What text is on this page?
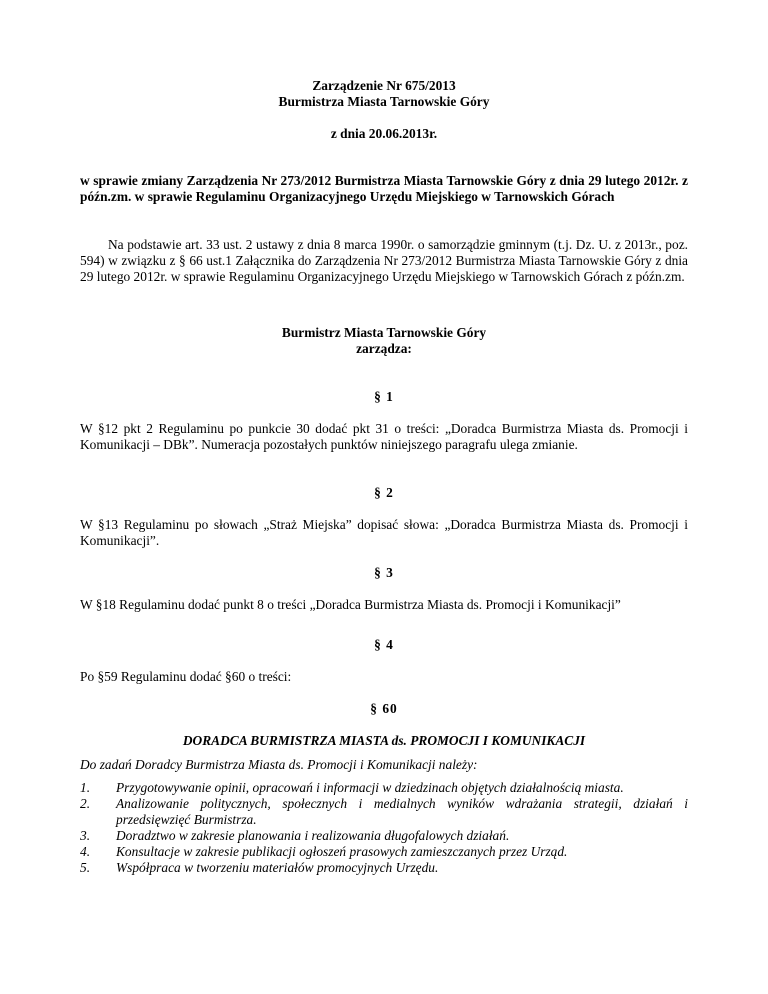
Zarządzenie Nr 675/2013
Burmistrza Miasta Tarnowskie Góry
z dnia 20.06.2013r.
w sprawie zmiany Zarządzenia Nr 273/2012 Burmistrza Miasta Tarnowskie Góry z dnia 29 lutego 2012r. z późn.zm. w sprawie Regulaminu Organizacyjnego Urzędu Miejskiego w Tarnowskich Górach
Na podstawie art. 33 ust. 2 ustawy z dnia 8 marca 1990r. o samorządzie gminnym (t.j. Dz. U. z 2013r., poz. 594) w związku z § 66 ust.1 Załącznika do Zarządzenia Nr 273/2012 Burmistrza Miasta Tarnowskie Góry z dnia 29 lutego 2012r. w sprawie Regulaminu Organizacyjnego Urzędu Miejskiego w Tarnowskich Górach z późn.zm.
Burmistrz Miasta Tarnowskie Góry
zarządza:
§ 1
W §12 pkt 2 Regulaminu po punkcie 30 dodać pkt 31 o treści: „Doradca Burmistrza Miasta ds. Promocji i Komunikacji – DBk”. Numeracja pozostałych punktów niniejszego paragrafu ulega zmianie.
§ 2
W §13 Regulaminu po słowach „Straż Miejska” dopisać słowa: „Doradca Burmistrza Miasta ds. Promocji i Komunikacji”.
§ 3
W §18 Regulaminu dodać punkt 8 o treści „Doradca Burmistrza Miasta ds. Promocji i Komunikacji”
§ 4
Po §59 Regulaminu dodać §60 o treści:
§ 60
DORADCA BURMISTRZA MIASTA ds. PROMOCJI I KOMUNIKACJI
Do zadań Doradcy Burmistrza Miasta ds. Promocji i Komunikacji należy:
1.	Przygotowywanie opinii, opracowań i informacji w dziedzinach objętych działalnością miasta.
2.	Analizowanie politycznych, społecznych i medialnych wyników wdrażania strategii, działań i przedsięwzięć Burmistrza.
3.	Doradztwo w zakresie planowania i realizowania długofalowych działań.
4.	Konsultacje w zakresie publikacji ogłoszeń prasowych zamieszczanych przez Urząd.
5.	Współpraca w tworzeniu materiałów promocyjnych Urzędu.
